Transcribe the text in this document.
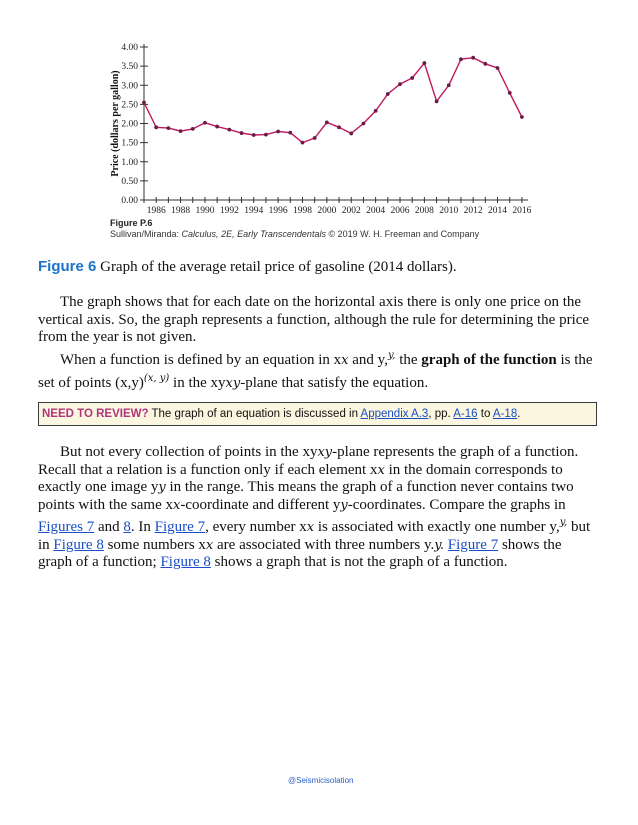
0.00
0.50
1.00
1.50
2.00
2.50
3.00
3.50
4.00
1986 1988 1990 1992 1994 1996 1998 2000 2002 2004 2006 2008 2010 2012 2014 2016
Price (dollars per gallon)
Figure P.6
Sullivan/Miranda: Calculus, 2E, Early Transcendentals © 2019 W. H. Freeman and Company
Figure 6 Graph of the average retail price of gasoline (2014 dollars).

The graph shows that for each date on the horizontal axis there is only one price on the vertical axis. So, the graph represents a function, although the rule for determining the price from the year is not given.

When a function is defined by an equation in xx and y,$^{y,}$ the graph of the function is the set of points $(x,y)^{(x, y)}$ in the xyxy-plane that satisfy the equation.

NEED TO REVIEW? The graph of an equation is discussed in Appendix A.3, pp. A-16 to A-18.

But not every collection of points in the xyxy-plane represents the graph of a function. Recall that a relation is a function only if each element xx in the domain corresponds to exactly one image yy in the range. This means the graph of a function never contains two points with the same xx-coordinate and different yy-coordinates. Compare the graphs in Figures 7 and 8. In Figure 7, every number xx is associated with exactly one number y,$^{y,}$ but in Figure 8 some numbers xx are associated with three numbers y.y. Figure 7 shows the graph of a function; Figure 8 shows a graph that is not the graph of a function.

@Seismicisolation
